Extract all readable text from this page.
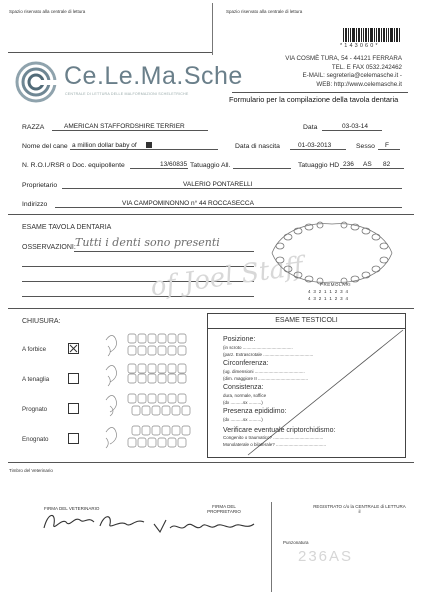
Spazio riservato alla centrale di lettura	Spazio riservato alla centrale di lettura
* 1 4 3 0 6 0 *
Ce.Le.Ma.Sche
CENTRALE DI LETTURA DELLE MALFORMAZIONI SCHELETRICHE
VIA COSMÈ TURA, 54 - 44121 FERRARA
TEL. E FAX 0532.242462
E-MAIL: segreteria@celemasche.it -
WEB: http://www.celemasche.it
Formulario per la compilazione della tavola dentaria
RAZZA	AMERICAN STAFFORDSHIRE TERRIER	Data	03-03-14
Nome del cane a million dollar baby of	Data di nascita	01-03-2013	Sesso F
N. R.O.I./RSR o Doc. equipollente	13/60835 Tatuaggio All.	Tatuaggio HD 236 AS 82
Proprietario	VALERIO PONTARELLI
Indirizzo	VIA CAMPOMINONNO n° 44 ROCCASECCA
ESAME TAVOLA DENTARIA
OSSERVAZIONI: Tutti i denti sono presenti
of Joel Staff	PREMOLARI
4 3 2 1 1 2 3 4
4 3 2 1 1 2 3 4
CHIUSURA:
A forbice
A tenaglia
Prognato
Enognato
ESAME TESTICOLI
Posizione:
(in scroto ........................................
(parz. Extrascrotale ........................................
Circonferenza:
(ug. dimensioni ........................................
(dim. maggiore II ........................................
Consistenza:
dura, normale, soffice
(dx ..........sx ..........)
Presenza epididimo:
(dx ..........sx ..........)
Verificare eventuale criptorchidismo:
Congenito o traumatico? ........................................
Monolaterale o bilaterale? ........................................
Timbro del Veterinario
FIRMA DEL VETERINARIO	FIRMA DEL PROPRIETARIO
REGISTRATO c/o la CENTRALE di LETTURA il
Punzonatura
236AS
